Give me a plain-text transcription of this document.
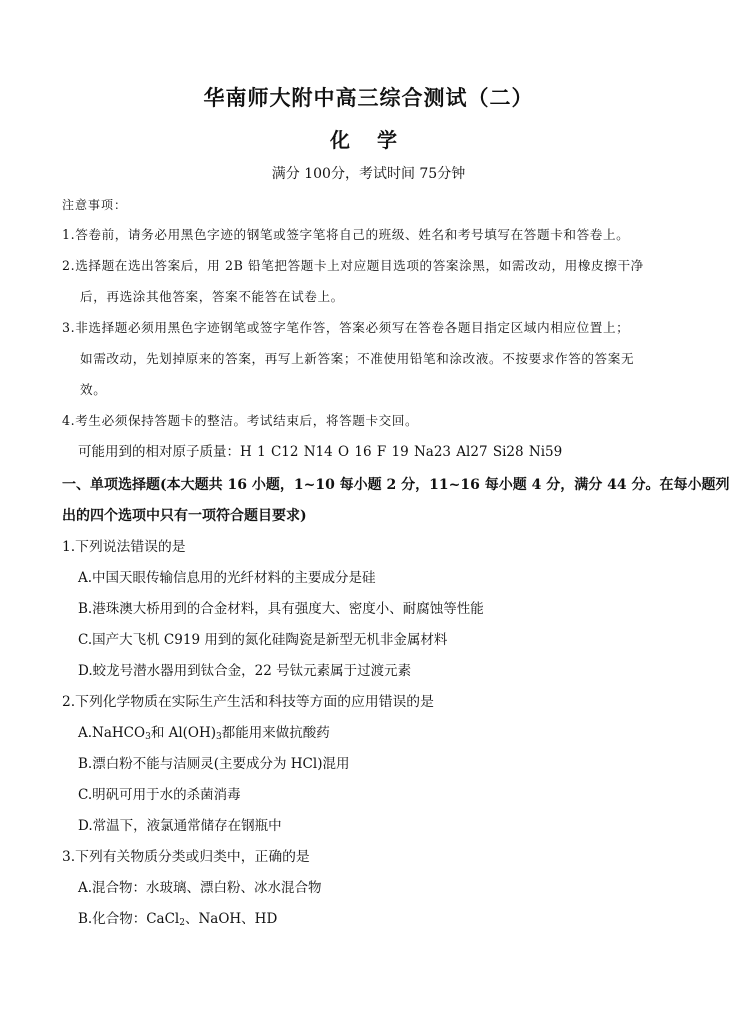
华南师大附中高三综合测试（二）
化 学
满分 100分，考试时间 75分钟
注意事项：
1.答卷前，请务必用黑色字迹的钢笔或签字笔将自己的班级、姓名和考号填写在答题卡和答卷上。
2.选择题在选出答案后，用 2B 铅笔把答题卡上对应题目选项的答案涂黑，如需改动，用橡皮擦干净
后，再选涂其他答案，答案不能答在试卷上。
3.非选择题必须用黑色字迹钢笔或签字笔作答，答案必须写在答卷各题目指定区域内相应位置上；
如需改动，先划掉原来的答案，再写上新答案；不准使用铅笔和涂改液。不按要求作答的答案无
效。
4.考生必须保持答题卡的整洁。考试结束后，将答题卡交回。
可能用到的相对原子质量：H 1 C12 N14 O 16 F 19 Na23 Al27 Si28 Ni59
一、单项选择题(本大题共 16 小题，1~10 每小题 2 分，11~16 每小题 4 分，满分 44 分。在每小题列
出的四个选项中只有一项符合题目要求)
1.下列说法错误的是
A.中国天眼传输信息用的光纤材料的主要成分是硅
B.港珠澳大桥用到的合金材料，具有强度大、密度小、耐腐蚀等性能
C.国产大飞机 C919 用到的氮化硅陶瓷是新型无机非金属材料
D.蛟龙号潜水器用到钛合金，22 号钛元素属于过渡元素
2.下列化学物质在实际生产生活和科技等方面的应用错误的是
A.NaHCO$_3$和 $Al(OH)_3$都能用来做抗酸药
B.漂白粉不能与洁厕灵(主要成分为 HCl)混用
C.明矾可用于水的杀菌消毒
D.常温下，液氯通常储存在钢瓶中
3.下列有关物质分类或归类中，正确的是
A.混合物：水玻璃、漂白粉、冰水混合物
B.化合物：CaCl$_2$、NaOH、HD
